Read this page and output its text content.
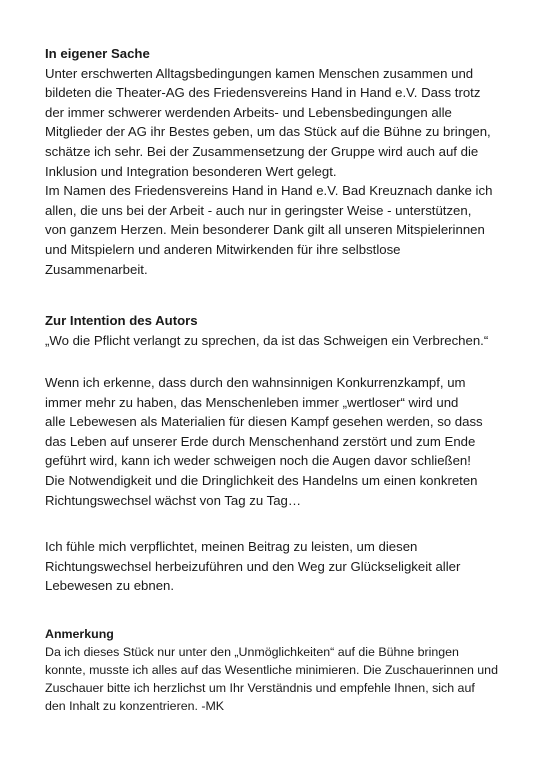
In eigener Sache

Unter erschwerten Alltagsbedingungen kamen Menschen zusammen und
bildeten die Theater-AG des Friedensvereins Hand in Hand e.V. Dass trotz
der immer schwerer werdenden Arbeits- und Lebensbedingungen alle
Mitglieder der AG ihr Bestes geben, um das Stück auf die Bühne zu bringen,
schätze ich sehr. Bei der Zusammensetzung der Gruppe wird auch auf die
Inklusion und Integration besonderen Wert gelegt.
Im Namen des Friedensvereins Hand in Hand e.V. Bad Kreuznach danke ich
allen, die uns bei der Arbeit - auch nur in geringster Weise - unterstützen,
von ganzem Herzen. Mein besonderer Dank gilt all unseren Mitspielerinnen
und Mitspielern und anderen Mitwirkenden für ihre selbstlose
Zusammenarbeit.

Zur Intention des Autors

„Wo die Pflicht verlangt zu sprechen, da ist das Schweigen ein Verbrechen.“

Wenn ich erkenne, dass durch den wahnsinnigen Konkurrenzkampf, um
immer mehr zu haben, das Menschenleben immer „wertloser“ wird und
alle Lebewesen als Materialien für diesen Kampf gesehen werden, so dass
das Leben auf unserer Erde durch Menschenhand zerstört und zum Ende
geführt wird, kann ich weder schweigen noch die Augen davor schließen!
Die Notwendigkeit und die Dringlichkeit des Handelns um einen konkreten
Richtungswechsel wächst von Tag zu Tag…

Ich fühle mich verpflichtet, meinen Beitrag zu leisten, um diesen
Richtungswechsel herbeizuführen und den Weg zur Glückseligkeit aller
Lebewesen zu ebnen.

Anmerkung

Da ich dieses Stück nur unter den „Unmöglichkeiten“ auf die Bühne bringen
konnte, musste ich alles auf das Wesentliche minimieren. Die Zuschauerinnen und
Zuschauer bitte ich herzlichst um Ihr Verständnis und empfehle Ihnen, sich auf
den Inhalt zu konzentrieren. -MK
